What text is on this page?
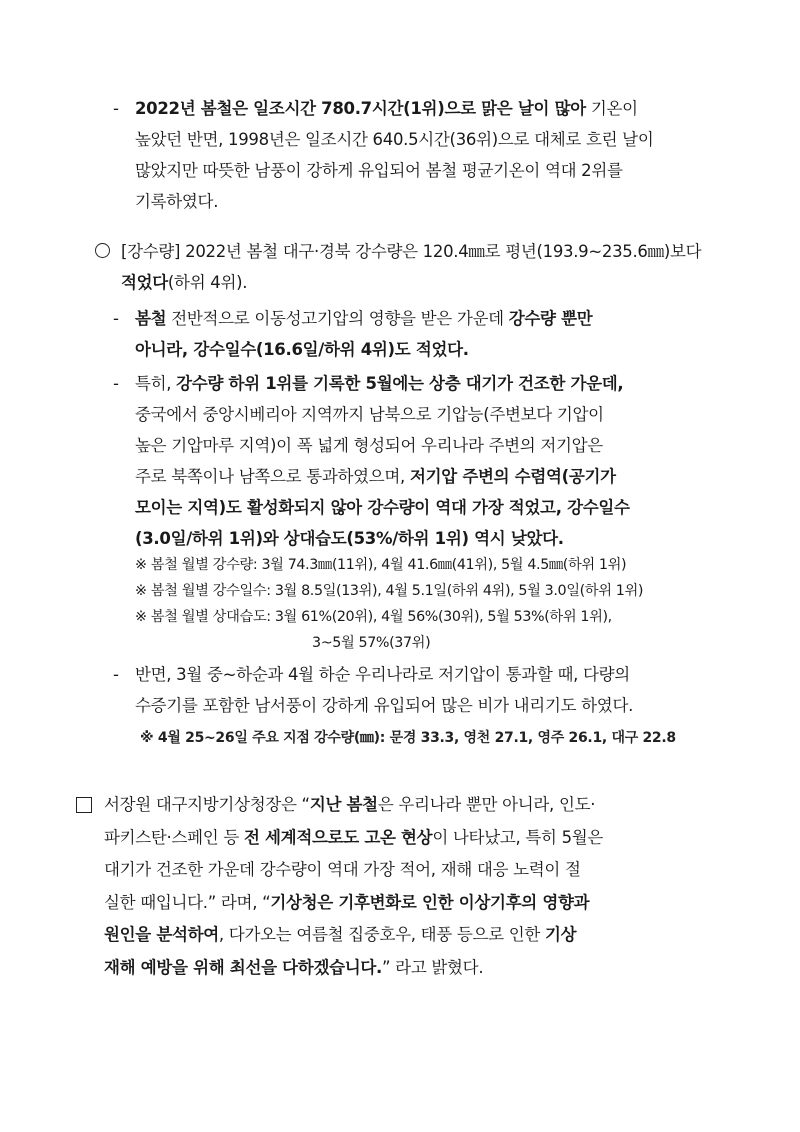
- 2022년 봄철은 일조시간 780.7시간(1위)으로 맑은 날이 많아 기온이
높았던 반면, 1998년은 일조시간 640.5시간(36위)으로 대체로 흐린 날이
많았지만 따뜻한 남풍이 강하게 유입되어 봄철 평균기온이 역대 2위를
기록하였다.
[강수량] 2022년 봄철 대구·경북 강수량은 120.4㎜로 평년(193.9~235.6㎜)보다
적었다(하위 4위).
- 봄철 전반적으로 이동성고기압의 영향을 받은 가운데 강수량 뿐만
아니라, 강수일수(16.6일/하위 4위)도 적었다.
- 특히, 강수량 하위 1위를 기록한 5월에는 상층 대기가 건조한 가운데,
중국에서 중앙시베리아 지역까지 남북으로 기압능(주변보다 기압이
높은 기압마루 지역)이 폭 넓게 형성되어 우리나라 주변의 저기압은
주로 북쪽이나 남쪽으로 통과하였으며, 저기압 주변의 수렴역(공기가
모이는 지역)도 활성화되지 않아 강수량이 역대 가장 적었고, 강수일수
(3.0일/하위 1위)와 상대습도(53%/하위 1위) 역시 낮았다.
※ 봄철 월별 강수량: 3월 74.3㎜(11위), 4월 41.6㎜(41위), 5월 4.5㎜(하위 1위)
※ 봄철 월별 강수일수: 3월 8.5일(13위), 4월 5.1일(하위 4위), 5월 3.0일(하위 1위)
※ 봄철 월별 상대습도: 3월 61%(20위), 4월 56%(30위), 5월 53%(하위 1위),
3~5월 57%(37위)
- 반면, 3월 중~하순과 4월 하순 우리나라로 저기압이 통과할 때, 다량의
수증기를 포함한 남서풍이 강하게 유입되어 많은 비가 내리기도 하였다.
※ 4월 25~26일 주요 지점 강수량(㎜): 문경 33.3, 영천 27.1, 영주 26.1, 대구 22.8
서장원 대구지방기상청장은 “지난 봄철은 우리나라 뿐만 아니라, 인도·
파키스탄·스페인 등 전 세계적으로도 고온 현상이 나타났고, 특히 5월은
대기가 건조한 가운데 강수량이 역대 가장 적어, 재해 대응 노력이 절
실한 때입니다.” 라며, “기상청은 기후변화로 인한 이상기후의 영향과
원인을 분석하여, 다가오는 여름철 집중호우, 태풍 등으로 인한 기상
재해 예방을 위해 최선을 다하겠습니다.” 라고 밝혔다.
